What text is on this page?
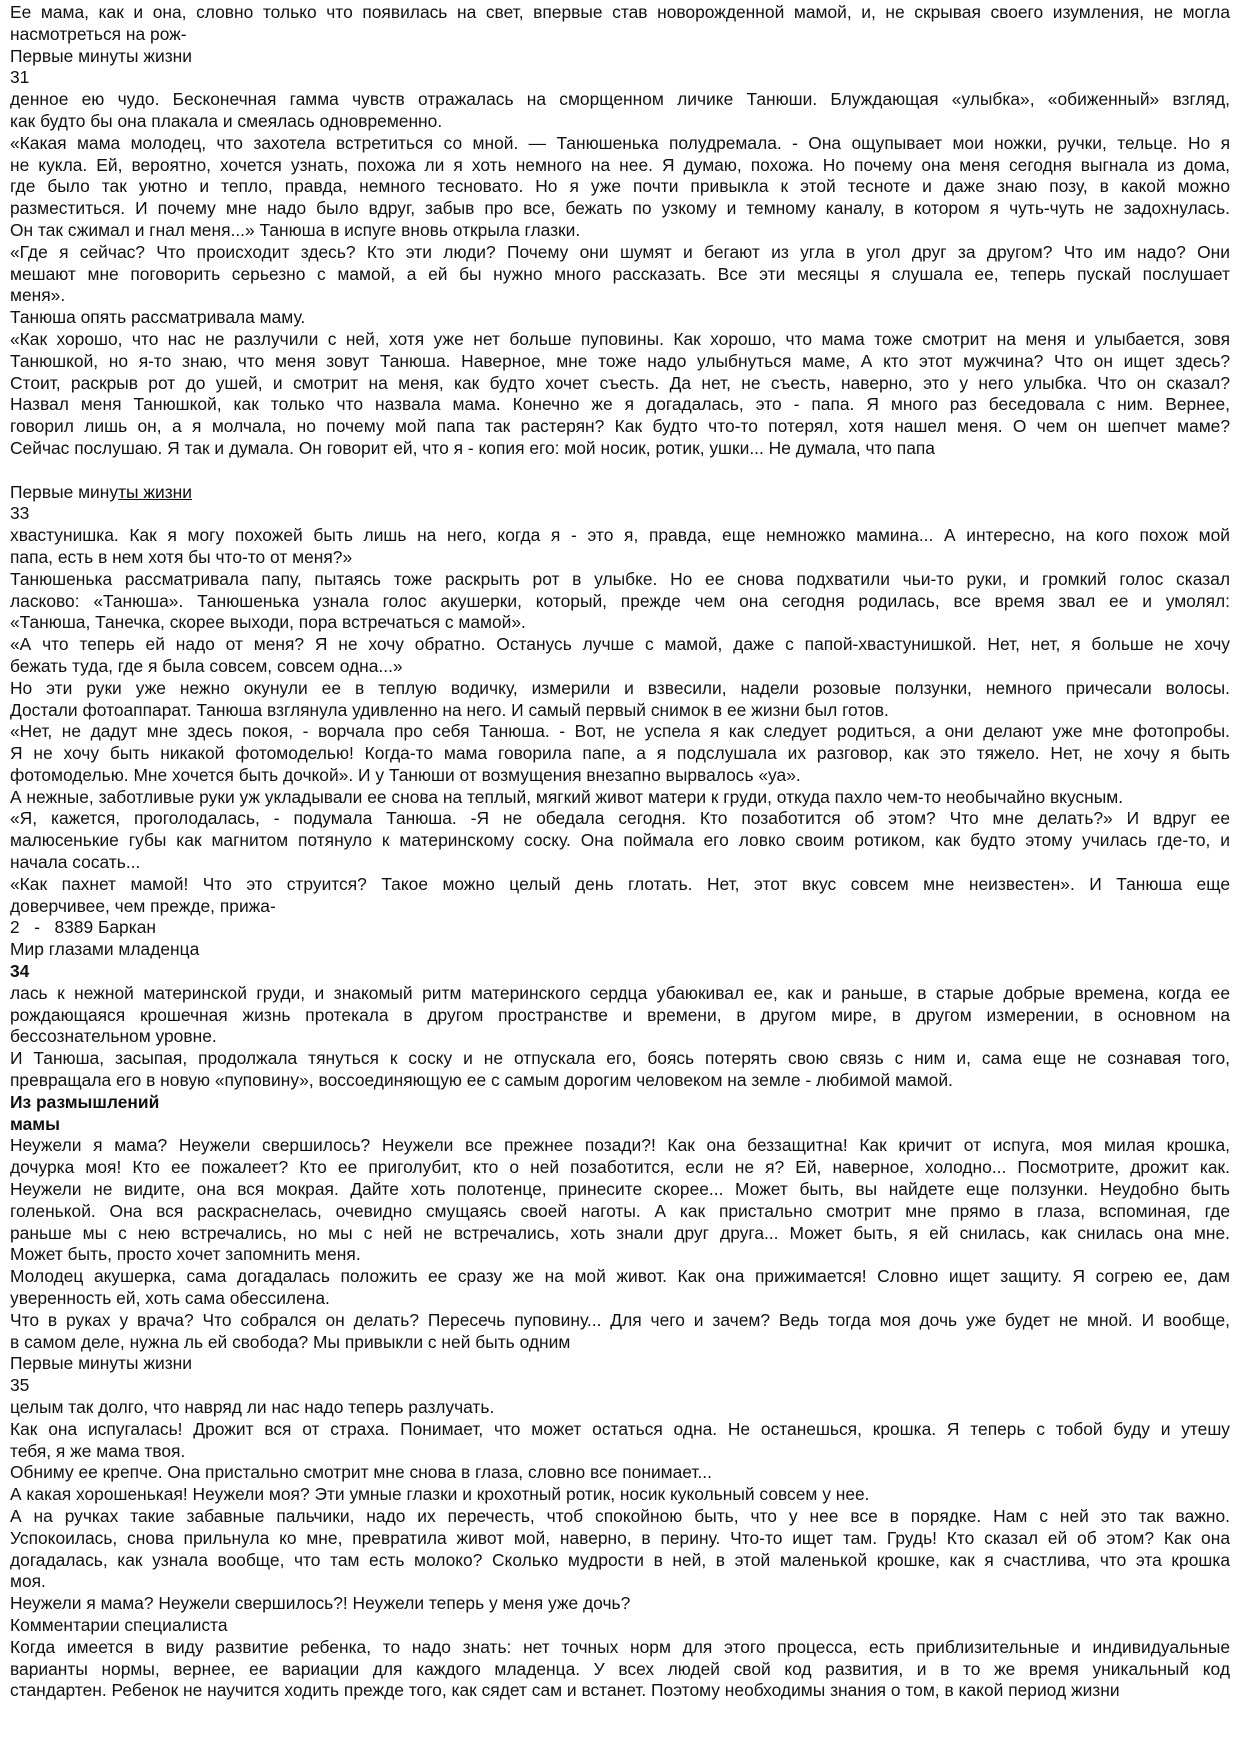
Ее мама, как и она, словно только что появилась на свет, впервые став новорожденной мамой, и, не скрывая своего изумления, не могла
насмотреться на рож-
Первые минуты жизни
31
денное ею чудо. Бесконечная гамма чувств отражалась на сморщенном личике Танюши. Блуждающая «улыбка», «обиженный» взгляд,
как будто бы она плакала и смеялась одновременно.
«Какая мама молодец, что захотела встретиться со мной. — Танюшенька полудремала. - Она ощупывает мои ножки, ручки, тельце. Но я
не кукла. Ей, вероятно, хочется узнать, похожа ли я хоть немного на нее. Я думаю, похожа. Но почему она меня сегодня выгнала из дома,
где было так уютно и тепло, правда, немного тесновато. Но я уже почти привыкла к этой тесноте и даже знаю позу, в какой можно
разместиться. И почему мне надо было вдруг, забыв про все, бежать по узкому и темному каналу, в котором я чуть-чуть не задохнулась.
Он так сжимал и гнал меня...» Танюша в испуге вновь открыла глазки.
«Где я сейчас? Что происходит здесь? Кто эти люди? Почему они шумят и бегают из угла в угол друг за другом? Что им надо? Они
мешают мне поговорить серьезно с мамой, а ей бы нужно много рассказать. Все эти месяцы я слушала ее, теперь пускай послушает
меня».
Танюша опять рассматривала маму.
«Как хорошо, что нас не разлучили с ней, хотя уже нет больше пуповины. Как хорошо, что мама тоже смотрит на меня и улыбается, зовя
Танюшкой, но я-то знаю, что меня зовут Танюша. Наверное, мне тоже надо улыбнуться маме, А кто этот мужчина? Что он ищет здесь?
Стоит, раскрыв рот до ушей, и смотрит на меня, как будто хочет съесть. Да нет, не съесть, наверно, это у него улыбка. Что он сказал?
Назвал меня Танюшкой, как только что назвала мама. Конечно же я догадалась, это - папа. Я много раз беседовала с ним. Вернее,
говорил лишь он, а я молчала, но почему мой папа так растерян? Как будто что-то потерял, хотя нашел меня. О чем он шепчет маме?
Сейчас послушаю. Я так и думала. Он говорит ей, что я - копия его: мой носик, ротик, ушки... Не думала, что папа
Первые минуты жизни
33
хвастунишка. Как я могу похожей быть лишь на него, когда я - это я, правда, еще немножко мамина... А интересно, на кого похож мой
папа, есть в нем хотя бы что-то от меня?»
Танюшенька рассматривала папу, пытаясь тоже раскрыть рот в улыбке. Но ее снова подхватили чьи-то руки, и громкий голос сказал
ласково: «Танюша». Танюшенька узнала голос акушерки, который, прежде чем она сегодня родилась, все время звал ее и умолял:
«Танюша, Танечка, скорее выходи, пора встречаться с мамой».
«А что теперь ей надо от меня? Я не хочу обратно. Останусь лучше с мамой, даже с папой-хвастунишкой. Нет, нет, я больше не хочу
бежать туда, где я была совсем, совсем одна...»
Но эти руки уже нежно окунули ее в теплую водичку, измерили и взвесили, надели розовые ползунки, немного причесали волосы.
Достали фотоаппарат. Танюша взглянула удивленно на него. И самый первый снимок в ее жизни был готов.
«Нет, не дадут мне здесь покоя, - ворчала про себя Танюша. - Вот, не успела я как следует родиться, а они делают уже мне фотопробы.
Я не хочу быть никакой фотомоделью! Когда-то мама говорила папе, а я подслушала их разговор, как это тяжело. Нет, не хочу я быть
фотомоделью. Мне хочется быть дочкой». И у Танюши от возмущения внезапно вырвалось «уа».
А нежные, заботливые руки уж укладывали ее снова на теплый, мягкий живот матери к груди, откуда пахло чем-то необычайно вкусным.
«Я, кажется, проголодалась, - подумала Танюша. -Я не обедала сегодня. Кто позаботится об этом? Что мне делать?» И вдруг ее
малюсенькие губы как магнитом потянуло к материнскому соску. Она поймала его ловко своим ротиком, как будто этому училась где-то, и
начала сосать...
«Как пахнет мамой! Что это струится? Такое можно целый день глотать. Нет, этот вкус совсем мне неизвестен». И Танюша еще
доверчивее, чем прежде, прижа-
2   -   8389 Баркан
Мир глазами младенца
34
лась к нежной материнской груди, и знакомый ритм материнского сердца убаюкивал ее, как и раньше, в старые добрые времена, когда ее
рождающаяся крошечная жизнь протекала в другом пространстве и времени, в другом мире, в другом измерении, в основном на
бессознательном уровне.
И Танюша, засыпая, продолжала тянуться к соску и не отпускала его, боясь потерять свою связь с ним и, сама еще не сознавая того,
превращала его в новую «пуповину», воссоединяющую ее с самым дорогим человеком на земле - любимой мамой.
Из размышлений
мамы
Неужели я мама? Неужели свершилось? Неужели все прежнее позади?! Как она беззащитна! Как кричит от испуга, моя милая крошка,
дочурка моя! Кто ее пожалеет? Кто ее приголубит, кто о ней позаботится, если не я? Ей, наверное, холодно... Посмотрите, дрожит как.
Неужели не видите, она вся мокрая. Дайте хоть полотенце, принесите скорее... Может быть, вы найдете еще ползунки. Неудобно быть
голенькой. Она вся раскраснелась, очевидно смущаясь своей наготы. А как пристально смотрит мне прямо в глаза, вспоминая, где
раньше мы с нею встречались, но мы с ней не встречались, хоть знали друг друга... Может быть, я ей снилась, как снилась она мне.
Может быть, просто хочет запомнить меня.
Молодец акушерка, сама догадалась положить ее сразу же на мой живот. Как она прижимается! Словно ищет защиту. Я согрею ее, дам
уверенность ей, хоть сама обессилена.
Что в руках у врача? Что собрался он делать? Пересечь пуповину... Для чего и зачем? Ведь тогда моя дочь уже будет не мной. И вообще,
в самом деле, нужна ль ей свобода? Мы привыкли с ней быть одним
Первые минуты жизни
35
целым так долго, что навряд ли нас надо теперь разлучать.
Как она испугалась! Дрожит вся от страха. Понимает, что может остаться одна. Не останешься, крошка. Я теперь с тобой буду и утешу
тебя, я же мама твоя.
Обниму ее крепче. Она пристально смотрит мне снова в глаза, словно все понимает...
А какая хорошенькая! Неужели моя? Эти умные глазки и крохотный ротик, носик кукольный совсем у нее.
А на ручках такие забавные пальчики, надо их перечесть, чтоб спокойною быть, что у нее все в порядке. Нам с ней это так важно.
Успокоилась, снова прильнула ко мне, превратила живот мой, наверно, в перину. Что-то ищет там. Грудь! Кто сказал ей об этом? Как она
догадалась, как узнала вообще, что там есть молоко? Сколько мудрости в ней, в этой маленькой крошке, как я счастлива, что эта крошка
моя.
Неужели я мама? Неужели свершилось?! Неужели теперь у меня уже дочь?
Комментарии специалиста
Когда имеется в виду развитие ребенка, то надо знать: нет точных норм для этого процесса, есть приблизительные и индивидуальные
варианты нормы, вернее, ее вариации для каждого младенца. У всех людей свой код развития, и в то же время уникальный код
стандартен. Ребенок не научится ходить прежде того, как сядет сам и встанет. Поэтому необходимы знания о том, в какой период жизни
